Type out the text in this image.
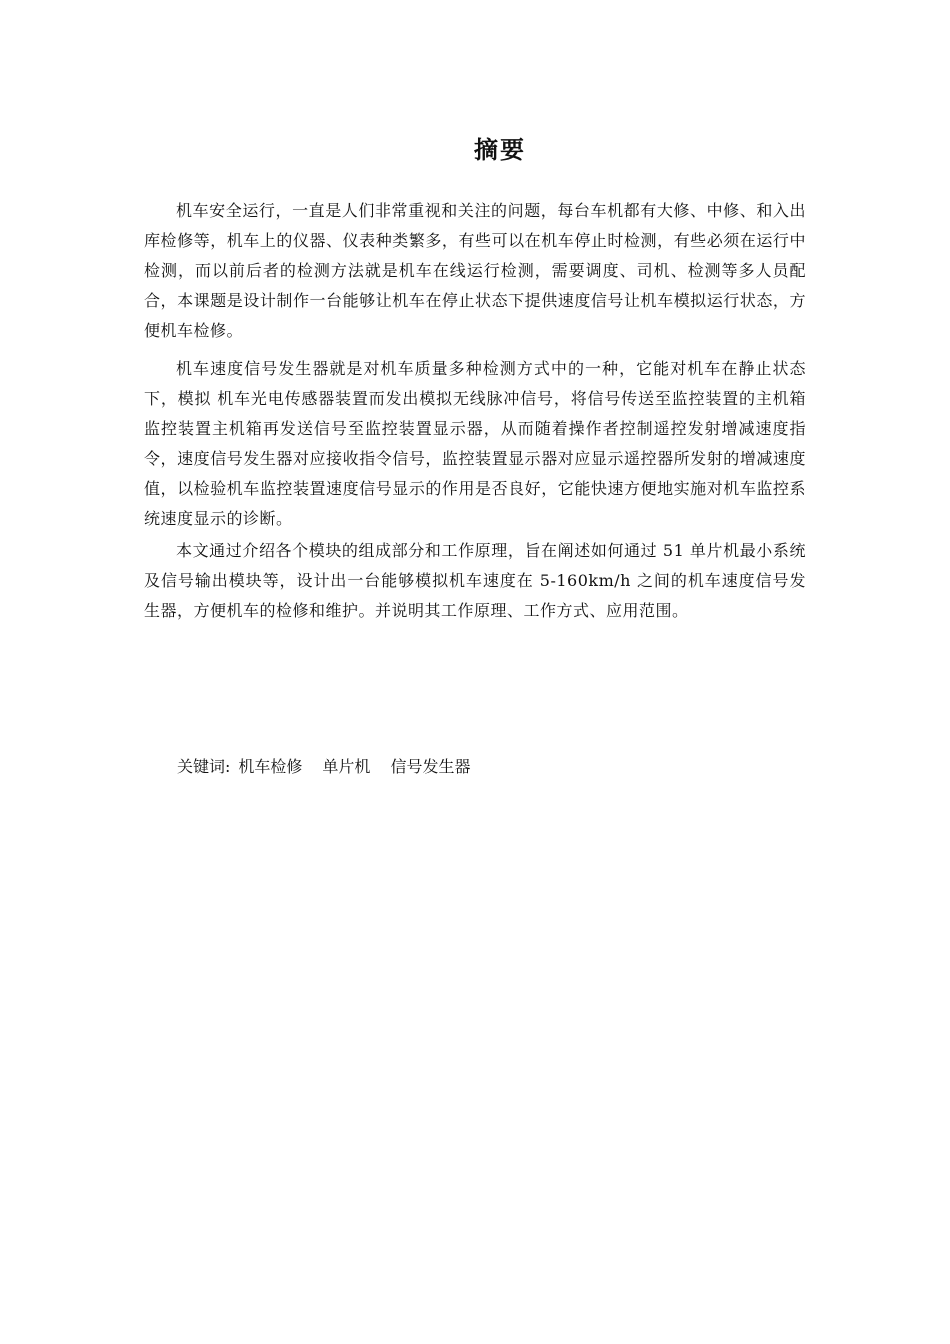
摘要

机车安全运行，一直是人们非常重视和关注的问题，每台车机都有大修、中修、和入出库检修等，机车上的仪器、仪表种类繁多，有些可以在机车停止时检测，有些必须在运行中检测，而以前后者的检测方法就是机车在线运行检测，需要调度、司机、检测等多人员配合，本课题是设计制作一台能够让机车在停止状态下提供速度信号让机车模拟运行状态，方便机车检修。

机车速度信号发生器就是对机车质量多种检测方式中的一种，它能对机车在静止状态下，模拟 机车光电传感器装置而发出模拟无线脉冲信号，将信号传送至监控装置的主机箱监控装置主机箱再发送信号至监控装置显示器，从而随着操作者控制遥控发射增减速度指令，速度信号发生器对应接收指令信号，监控装置显示器对应显示遥控器所发射的增减速度值，以检验机车监控装置速度信号显示的作用是否良好，它能快速方便地实施对机车监控系统速度显示的诊断。

本文通过介绍各个模块的组成部分和工作原理，旨在阐述如何通过 51 单片机最小系统及信号输出模块等，设计出一台能够模拟机车速度在 5-160km/h 之间的机车速度信号发生器，方便机车的检修和维护。并说明其工作原理、工作方式、应用范围。

关键词: 机车检修 单片机 信号发生器
